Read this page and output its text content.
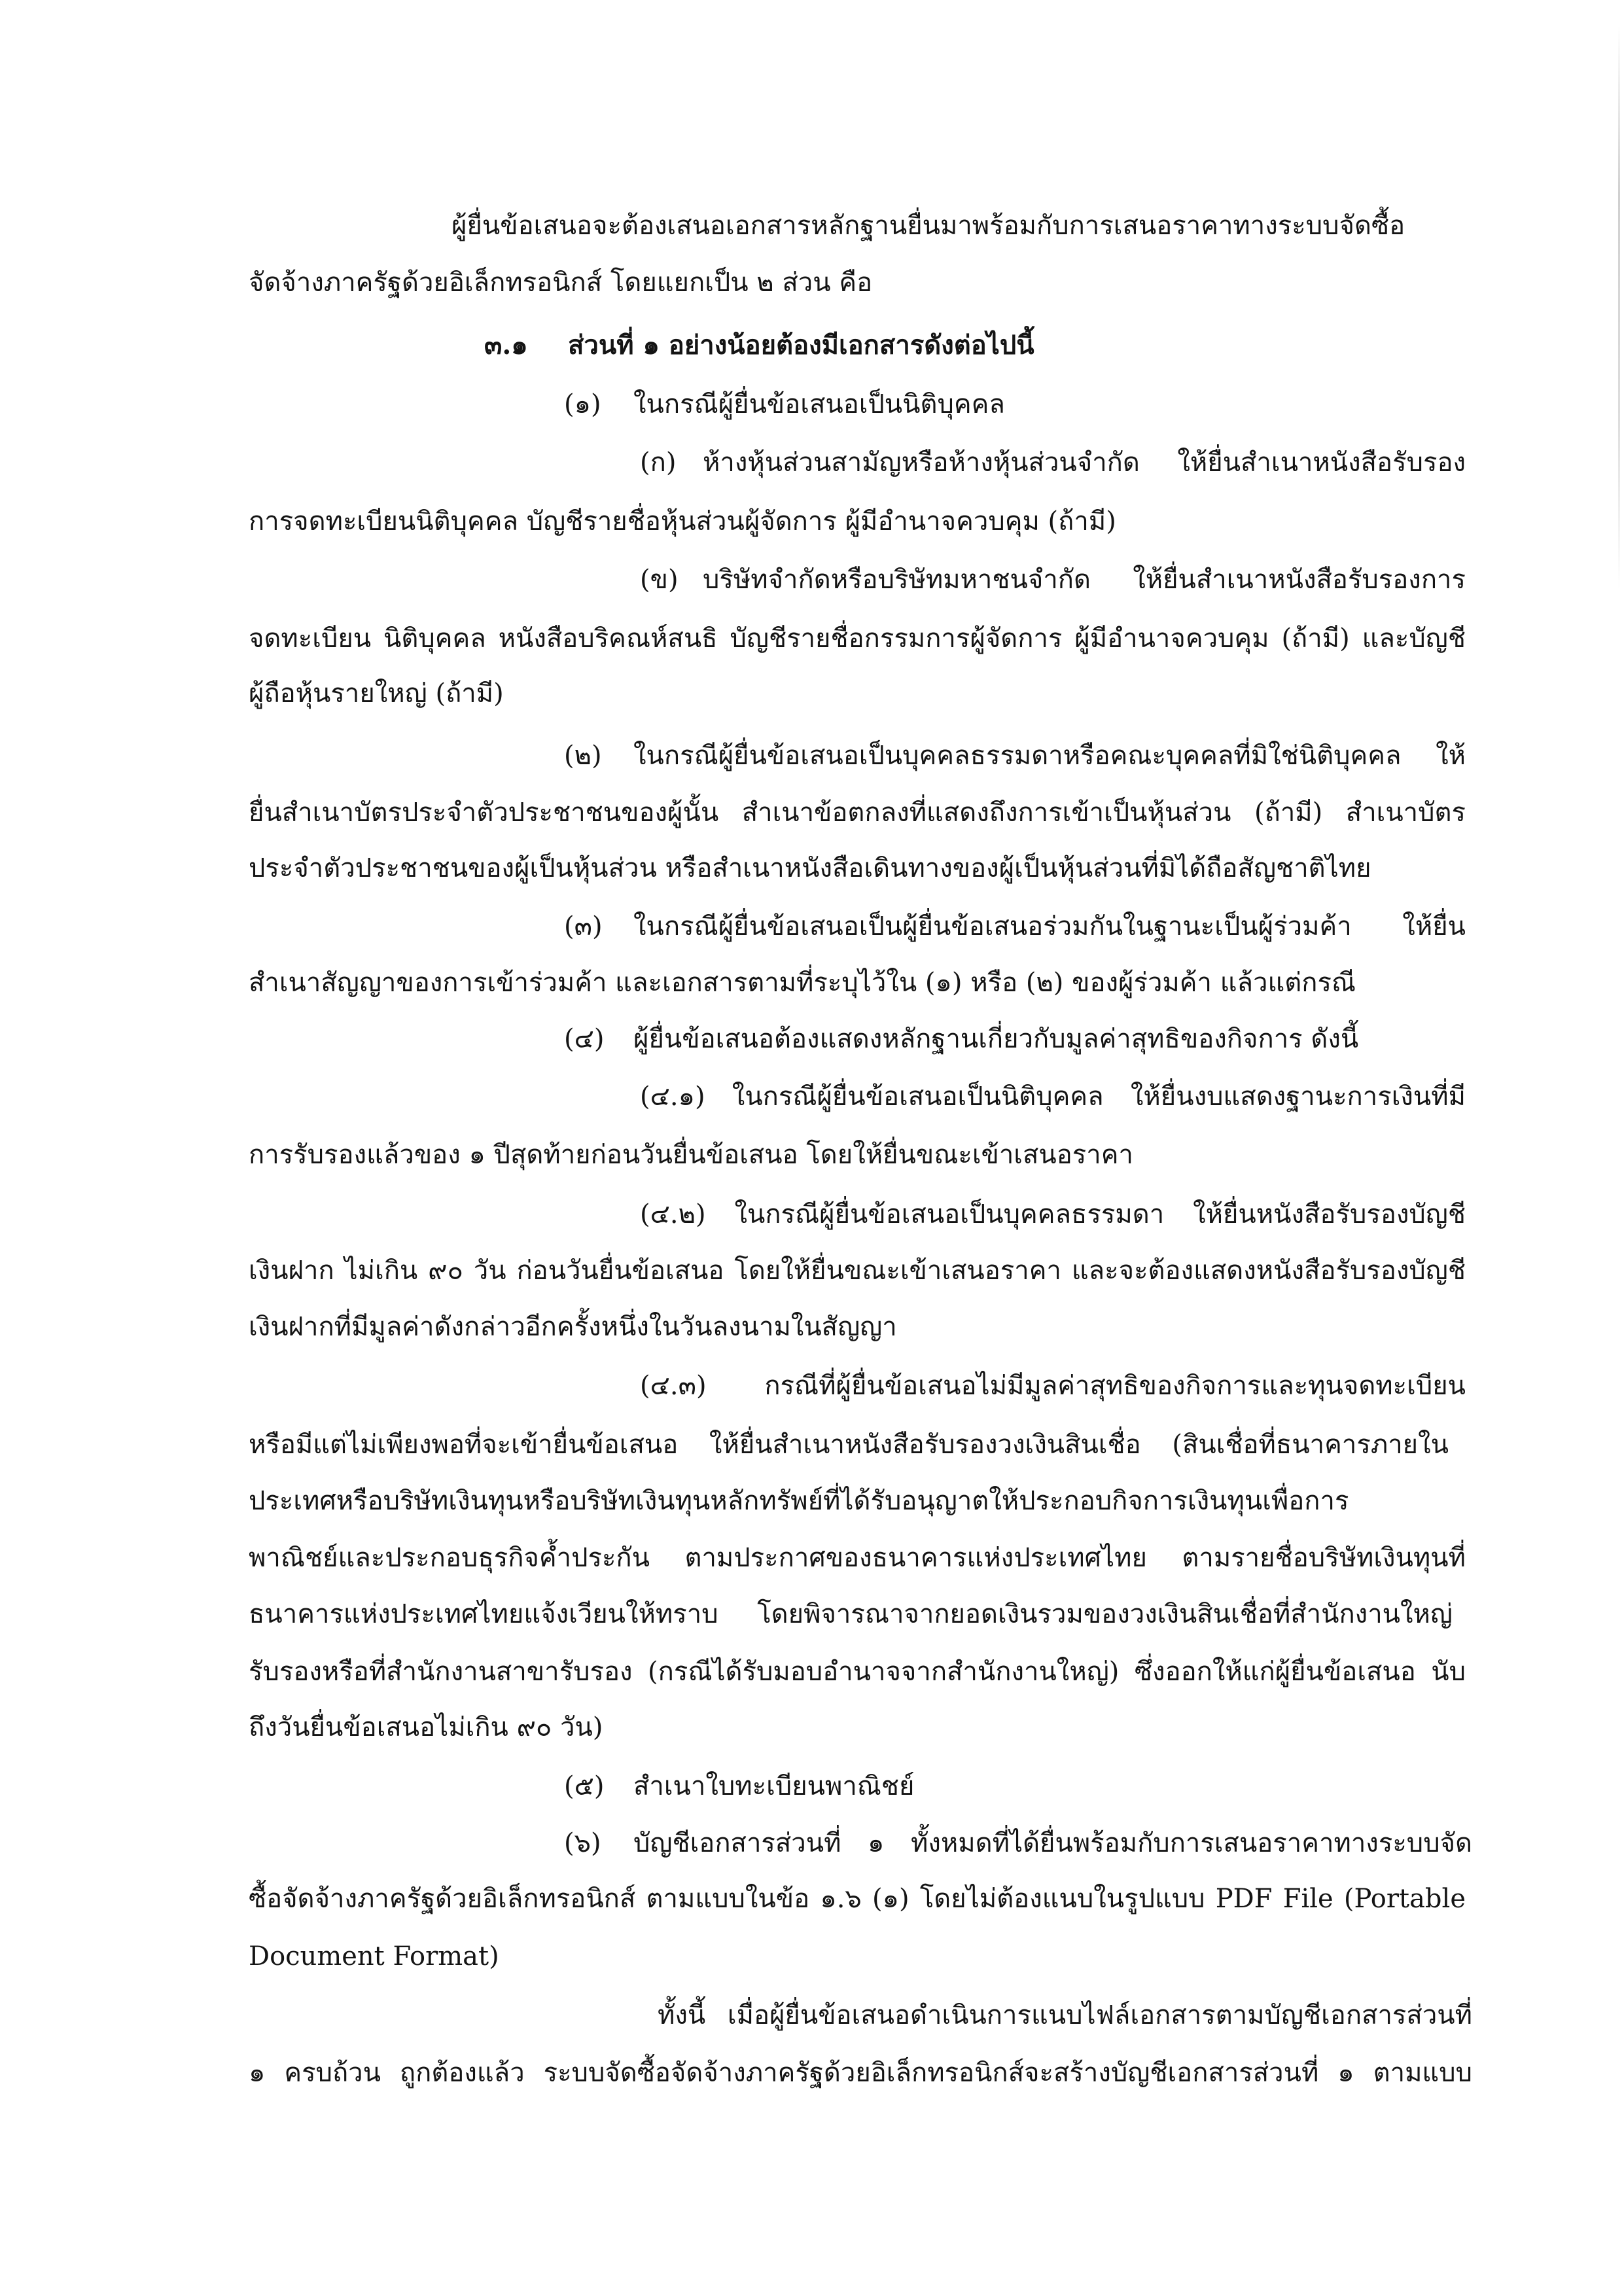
ผู้ยื่นข้อเสนอจะต้องเสนอเอกสารหลักฐานยื่นมาพร้อมกับการเสนอราคาทางระบบจัดซื้อ
จัดจ้างภาครัฐด้วยอิเล็กทรอนิกส์ โดยแยกเป็น ๒ ส่วน คือ
๓.๑ ส่วนที่ ๑ อย่างน้อยต้องมีเอกสารดังต่อไปนี้
(๑) ในกรณีผู้ยื่นข้อเสนอเป็นนิติบุคคล
(ก) ห้างหุ้นส่วนสามัญหรือห้างหุ้นส่วนจำกัด ให้ยื่นสำเนาหนังสือรับรอง
การจดทะเบียนนิติบุคคล บัญชีรายชื่อหุ้นส่วนผู้จัดการ ผู้มีอำนาจควบคุม (ถ้ามี)
(ข) บริษัทจำกัดหรือบริษัทมหาชนจำกัด ให้ยื่นสำเนาหนังสือรับรองการ
จดทะเบียน นิติบุคคล หนังสือบริคณห์สนธิ บัญชีรายชื่อกรรมการผู้จัดการ ผู้มีอำนาจควบคุม (ถ้ามี) และบัญชี
ผู้ถือหุ้นรายใหญ่ (ถ้ามี)
(๒) ในกรณีผู้ยื่นข้อเสนอเป็นบุคคลธรรมดาหรือคณะบุคคลที่มิใช่นิติบุคคล ให้
ยื่นสำเนาบัตรประจำตัวประชาชนของผู้นั้น สำเนาข้อตกลงที่แสดงถึงการเข้าเป็นหุ้นส่วน (ถ้ามี) สำเนาบัตร
ประจำตัวประชาชนของผู้เป็นหุ้นส่วน หรือสำเนาหนังสือเดินทางของผู้เป็นหุ้นส่วนที่มิได้ถือสัญชาติไทย
(๓) ในกรณีผู้ยื่นข้อเสนอเป็นผู้ยื่นข้อเสนอร่วมกันในฐานะเป็นผู้ร่วมค้า ให้ยื่น
สำเนาสัญญาของการเข้าร่วมค้า และเอกสารตามที่ระบุไว้ใน (๑) หรือ (๒) ของผู้ร่วมค้า แล้วแต่กรณี
(๔) ผู้ยื่นข้อเสนอต้องแสดงหลักฐานเกี่ยวกับมูลค่าสุทธิของกิจการ ดังนี้
(๔.๑) ในกรณีผู้ยื่นข้อเสนอเป็นนิติบุคคล ให้ยื่นงบแสดงฐานะการเงินที่มี
การรับรองแล้วของ ๑ ปีสุดท้ายก่อนวันยื่นข้อเสนอ โดยให้ยื่นขณะเข้าเสนอราคา
(๔.๒) ในกรณีผู้ยื่นข้อเสนอเป็นบุคคลธรรมดา ให้ยื่นหนังสือรับรองบัญชี
เงินฝาก ไม่เกิน ๙๐ วัน ก่อนวันยื่นข้อเสนอ โดยให้ยื่นขณะเข้าเสนอราคา และจะต้องแสดงหนังสือรับรองบัญชี
เงินฝากที่มีมูลค่าดังกล่าวอีกครั้งหนึ่งในวันลงนามในสัญญา
(๔.๓) กรณีที่ผู้ยื่นข้อเสนอไม่มีมูลค่าสุทธิของกิจการและทุนจดทะเบียน
หรือมีแต่ไม่เพียงพอที่จะเข้ายื่นข้อเสนอ ให้ยื่นสำเนาหนังสือรับรองวงเงินสินเชื่อ (สินเชื่อที่ธนาคารภายใน
ประเทศหรือบริษัทเงินทุนหรือบริษัทเงินทุนหลักทรัพย์ที่ได้รับอนุญาตให้ประกอบกิจการเงินทุนเพื่อการ
พาณิชย์และประกอบธุรกิจค้ำประกัน ตามประกาศของธนาคารแห่งประเทศไทย ตามรายชื่อบริษัทเงินทุนที่
ธนาคารแห่งประเทศไทยแจ้งเวียนให้ทราบ โดยพิจารณาจากยอดเงินรวมของวงเงินสินเชื่อที่สำนักงานใหญ่
รับรองหรือที่สำนักงานสาขารับรอง (กรณีได้รับมอบอำนาจจากสำนักงานใหญ่) ซึ่งออกให้แก่ผู้ยื่นข้อเสนอ นับ
ถึงวันยื่นข้อเสนอไม่เกิน ๙๐ วัน)
(๕) สำเนาใบทะเบียนพาณิชย์
(๖) บัญชีเอกสารส่วนที่ ๑ ทั้งหมดที่ได้ยื่นพร้อมกับการเสนอราคาทางระบบจัด
ซื้อจัดจ้างภาครัฐด้วยอิเล็กทรอนิกส์ ตามแบบในข้อ ๑.๖ (๑) โดยไม่ต้องแนบในรูปแบบ PDF File (Portable
Document Format)
ทั้งนี้ เมื่อผู้ยื่นข้อเสนอดำเนินการแนบไฟล์เอกสารตามบัญชีเอกสารส่วนที่
๑ ครบถ้วน ถูกต้องแล้ว ระบบจัดซื้อจัดจ้างภาครัฐด้วยอิเล็กทรอนิกส์จะสร้างบัญชีเอกสารส่วนที่ ๑ ตามแบบ
